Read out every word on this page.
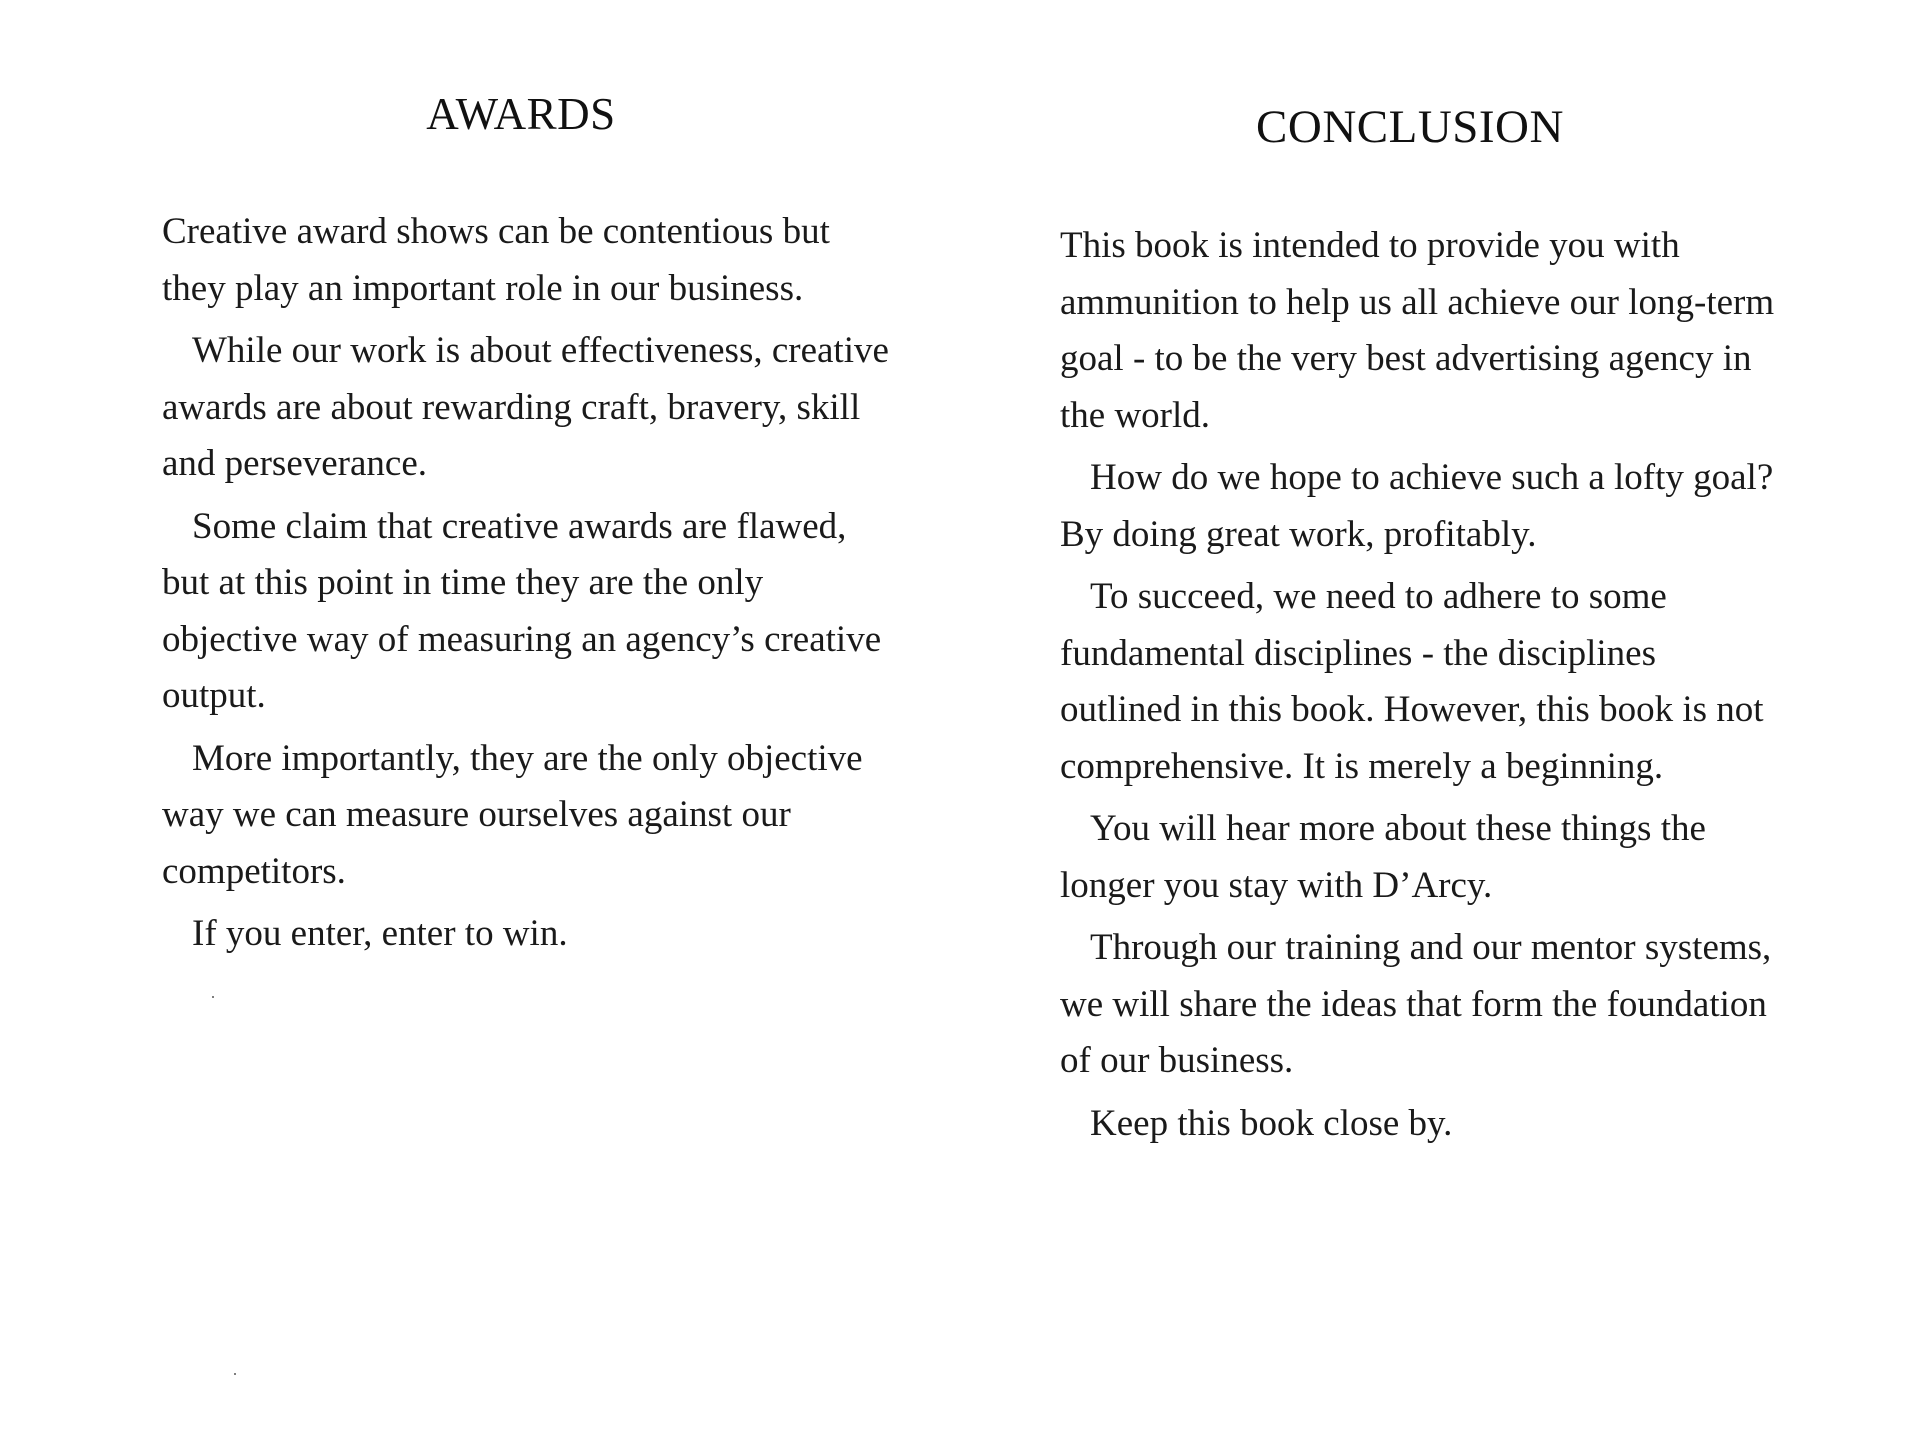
AWARDS

Creative award shows can be contentious but they play an important role in our business.

While our work is about effectiveness, creative awards are about rewarding craft, bravery, skill and perseverance.

Some claim that creative awards are flawed, but at this point in time they are the only objective way of measuring an agency’s creative output.

More importantly, they are the only objective way we can measure ourselves against our competitors.

If you enter, enter to win.

CONCLUSION

This book is intended to provide you with ammunition to help us all achieve our long-term goal - to be the very best advertising agency in the world.

How do we hope to achieve such a lofty goal? By doing great work, profitably.

To succeed, we need to adhere to some fundamental disciplines - the disciplines outlined in this book. However, this book is not comprehensive. It is merely a beginning.

You will hear more about these things the longer you stay with D’Arcy.

Through our training and our mentor systems, we will share the ideas that form the foundation of our business.

Keep this book close by.
